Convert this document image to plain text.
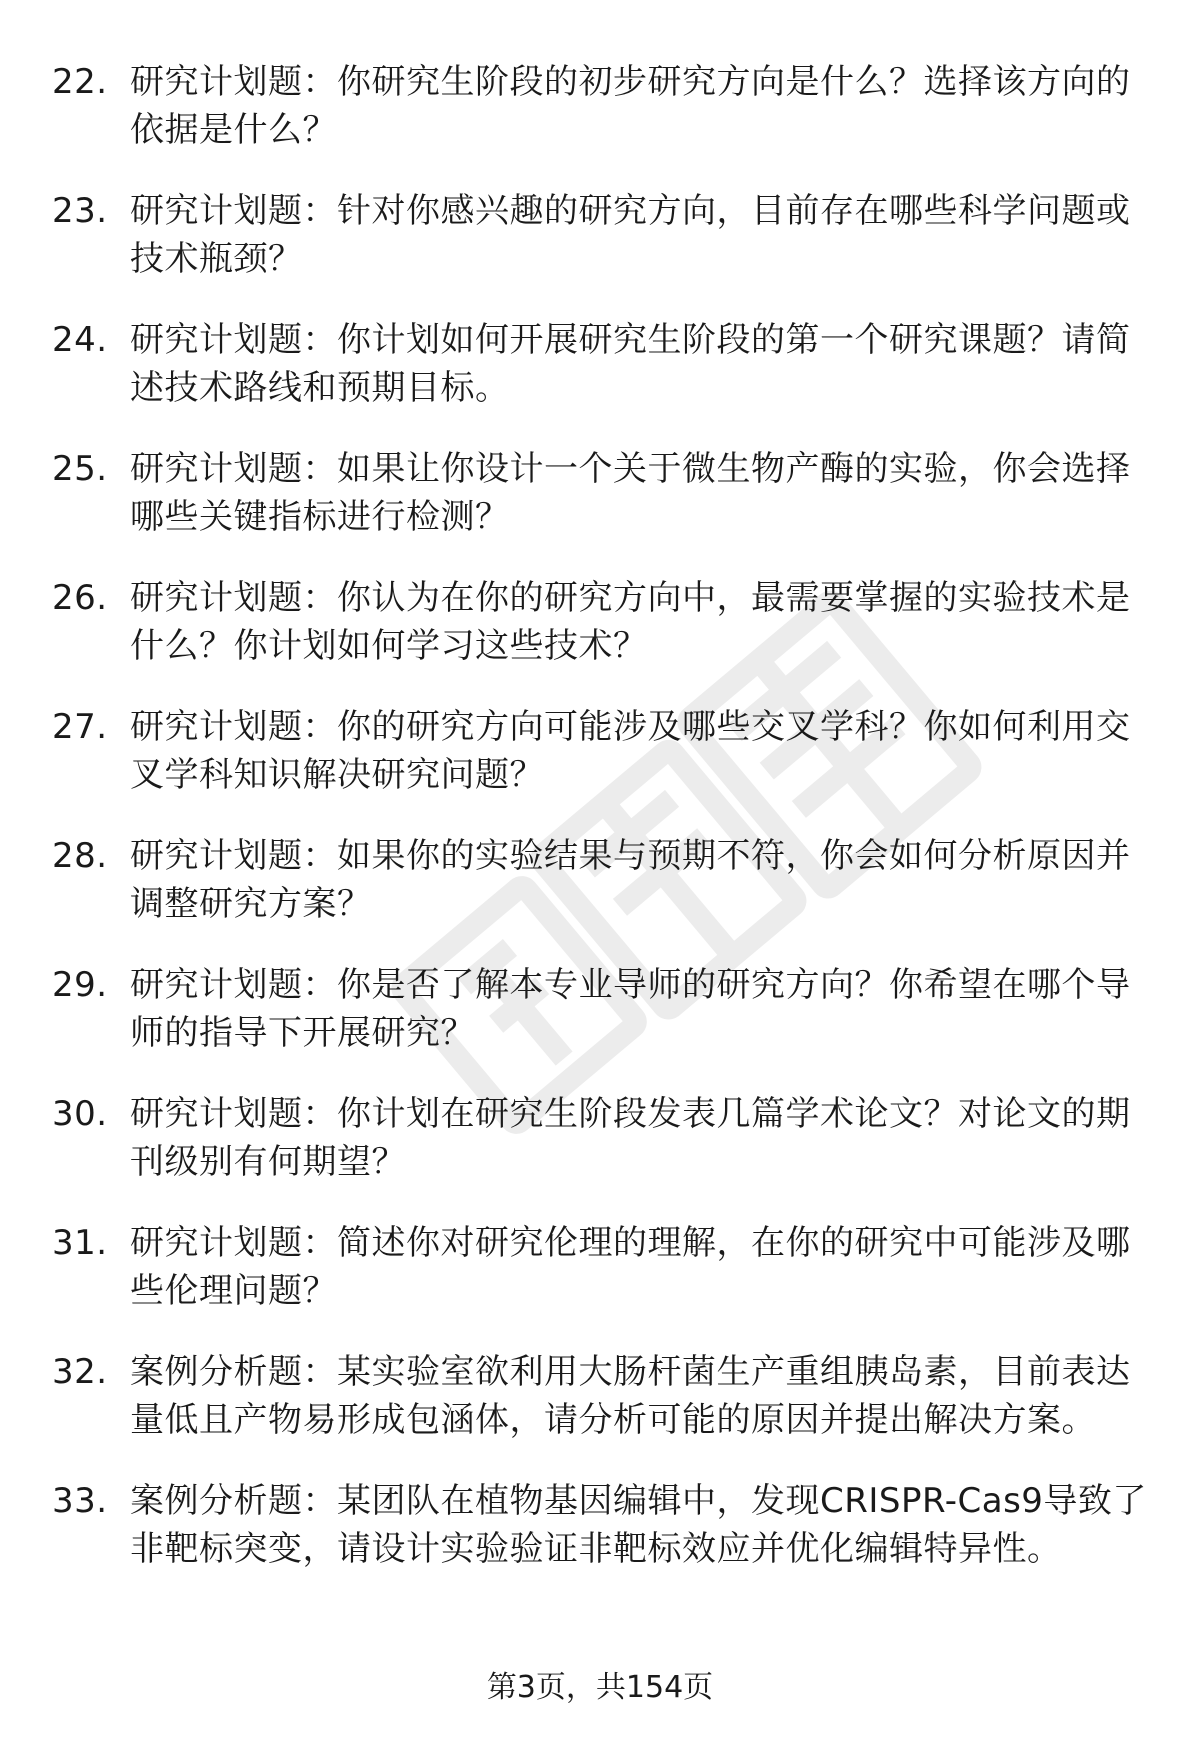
22. 研究计划题：你研究生阶段的初步研究方向是什么？选择该方向的依据是什么？
23. 研究计划题：针对你感兴趣的研究方向，目前存在哪些科学问题或技术瓶颈？
24. 研究计划题：你计划如何开展研究生阶段的第一个研究课题？请简述技术路线和预期目标。
25. 研究计划题：如果让你设计一个关于微生物产酶的实验，你会选择哪些关键指标进行检测？
26. 研究计划题：你认为在你的研究方向中，最需要掌握的实验技术是什么？你计划如何学习这些技术？
27. 研究计划题：你的研究方向可能涉及哪些交叉学科？你如何利用交叉学科知识解决研究问题？
28. 研究计划题：如果你的实验结果与预期不符，你会如何分析原因并调整研究方案？
29. 研究计划题：你是否了解本专业导师的研究方向？你希望在哪个导师的指导下开展研究？
30. 研究计划题：你计划在研究生阶段发表几篇学术论文？对论文的期刊级别有何期望？
31. 研究计划题：简述你对研究伦理的理解，在你的研究中可能涉及哪些伦理问题？
32. 案例分析题：某实验室欲利用大肠杆菌生产重组胰岛素，目前表达量低且产物易形成包涵体，请分析可能的原因并提出解决方案。
33. 案例分析题：某团队在植物基因编辑中，发现CRISPR-Cas9导致了非靶标突变，请设计实验验证非靶标效应并优化编辑特异性。
第3页，共154页
